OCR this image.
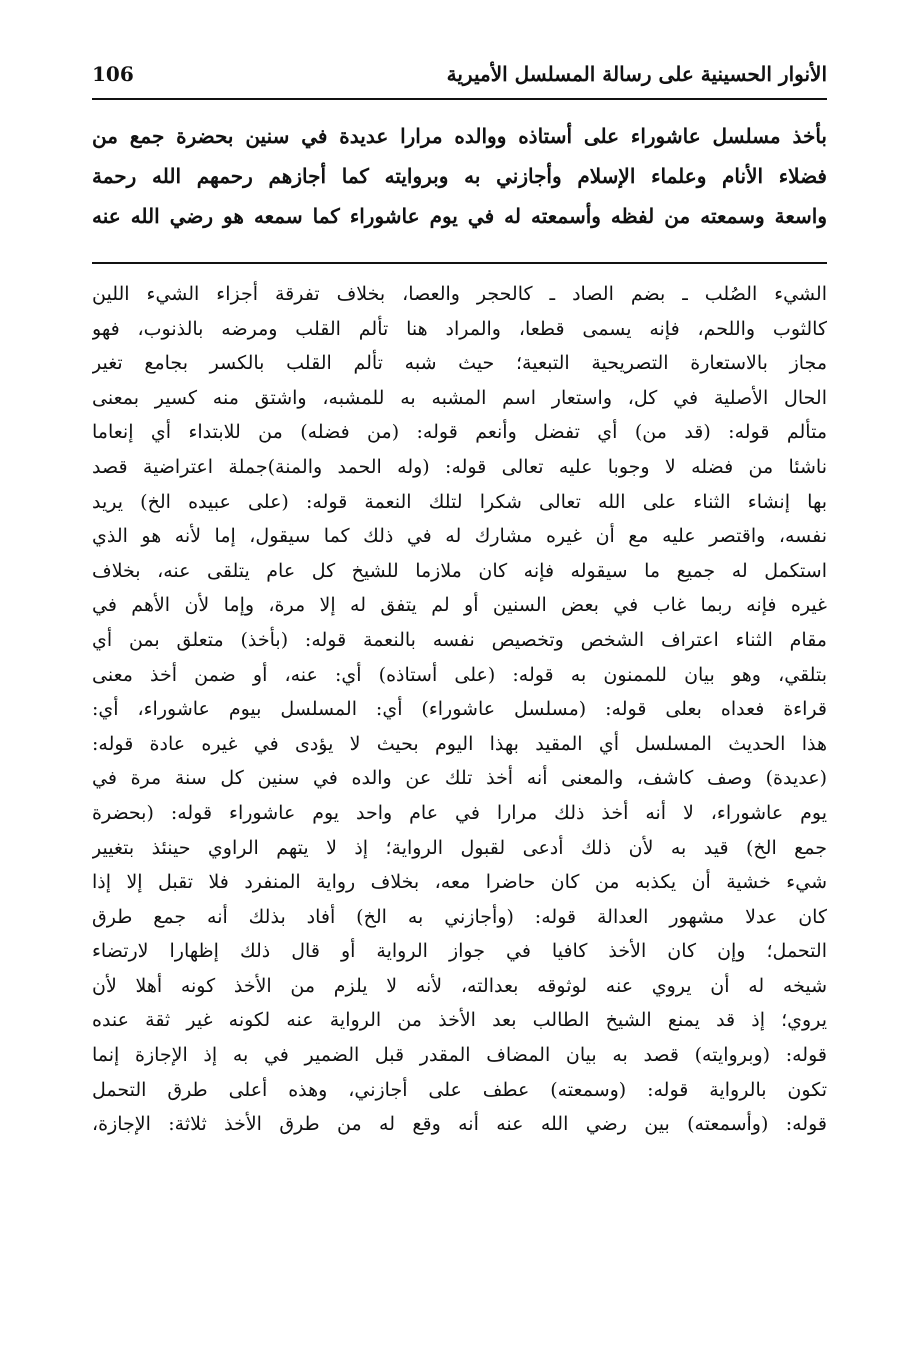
الأنوار الحسينية على رسالة المسلسل الأميرية
106
بأخذ مسلسل عاشوراء على أستاذه ووالده مرارا عديدة في سنين بحضرة جمع من
فضلاء الأنام وعلماء الإسلام وأجازني به وبروايته كما أجازهم رحمهم الله رحمة
واسعة وسمعته من لفظه وأسمعته له في يوم عاشوراء كما سمعه هو رضي الله عنه
الشيء الصُلب ـ بضم الصاد ـ كالحجر والعصا، بخلاف تفرقة أجزاء الشيء اللين
كالثوب واللحم، فإنه يسمى قطعا، والمراد هنا تألم القلب ومرضه بالذنوب، فهو
مجاز بالاستعارة التصريحية التبعية؛ حيث شبه تألم القلب بالكسر بجامع تغير
الحال الأصلية في كل، واستعار اسم المشبه به للمشبه، واشتق منه كسير بمعنى
متألم قوله: (قد من) أي تفضل وأنعم قوله: (من فضله) من للابتداء أي إنعاما
ناشئا من فضله لا وجوبا عليه تعالى قوله: (وله الحمد والمنة)جملة اعتراضية قصد
بها إنشاء الثناء على الله تعالى شكرا لتلك النعمة قوله: (على عبيده الخ) يريد
نفسه، واقتصر عليه مع أن غيره مشارك له في ذلك كما سيقول، إما لأنه هو الذي
استكمل له جميع ما سيقوله فإنه كان ملازما للشيخ كل عام يتلقى عنه، بخلاف
غيره فإنه ربما غاب في بعض السنين أو لم يتفق له إلا مرة، وإما لأن الأهم في
مقام الثناء اعتراف الشخص وتخصيص نفسه بالنعمة قوله: (بأخذ) متعلق بمن أي
بتلقي، وهو بيان للممنون به قوله: (على أستاذه) أي: عنه، أو ضمن أخذ معنى
قراءة فعداه بعلى قوله: (مسلسل عاشوراء) أي: المسلسل بيوم عاشوراء، أي:
هذا الحديث المسلسل أي المقيد بهذا اليوم بحيث لا يؤدى في غيره عادة قوله:
(عديدة) وصف كاشف، والمعنى أنه أخذ تلك عن والده في سنين كل سنة مرة في
يوم عاشوراء، لا أنه أخذ ذلك مرارا في عام واحد يوم عاشوراء قوله: (بحضرة
جمع الخ) قيد به لأن ذلك أدعى لقبول الرواية؛ إذ لا يتهم الراوي حينئذ بتغيير
شيء خشية أن يكذبه من كان حاضرا معه، بخلاف رواية المنفرد فلا تقبل إلا إذا
كان عدلا مشهور العدالة قوله: (وأجازني به الخ) أفاد بذلك أنه جمع طرق
التحمل؛ وإن كان الأخذ كافيا في جواز الرواية أو قال ذلك إظهارا لارتضاء
شيخه له أن يروي عنه لوثوقه بعدالته، لأنه لا يلزم من الأخذ كونه أهلا لأن
يروي؛ إذ قد يمنع الشيخ الطالب بعد الأخذ من الرواية عنه لكونه غير ثقة عنده
قوله: (وبروايته) قصد به بيان المضاف المقدر قبل الضمير في به إذ الإجازة إنما
تكون بالرواية قوله: (وسمعته) عطف على أجازني، وهذه أعلى طرق التحمل
قوله: (وأسمعته) بين رضي الله عنه أنه وقع له من طرق الأخذ ثلاثة: الإجازة،
